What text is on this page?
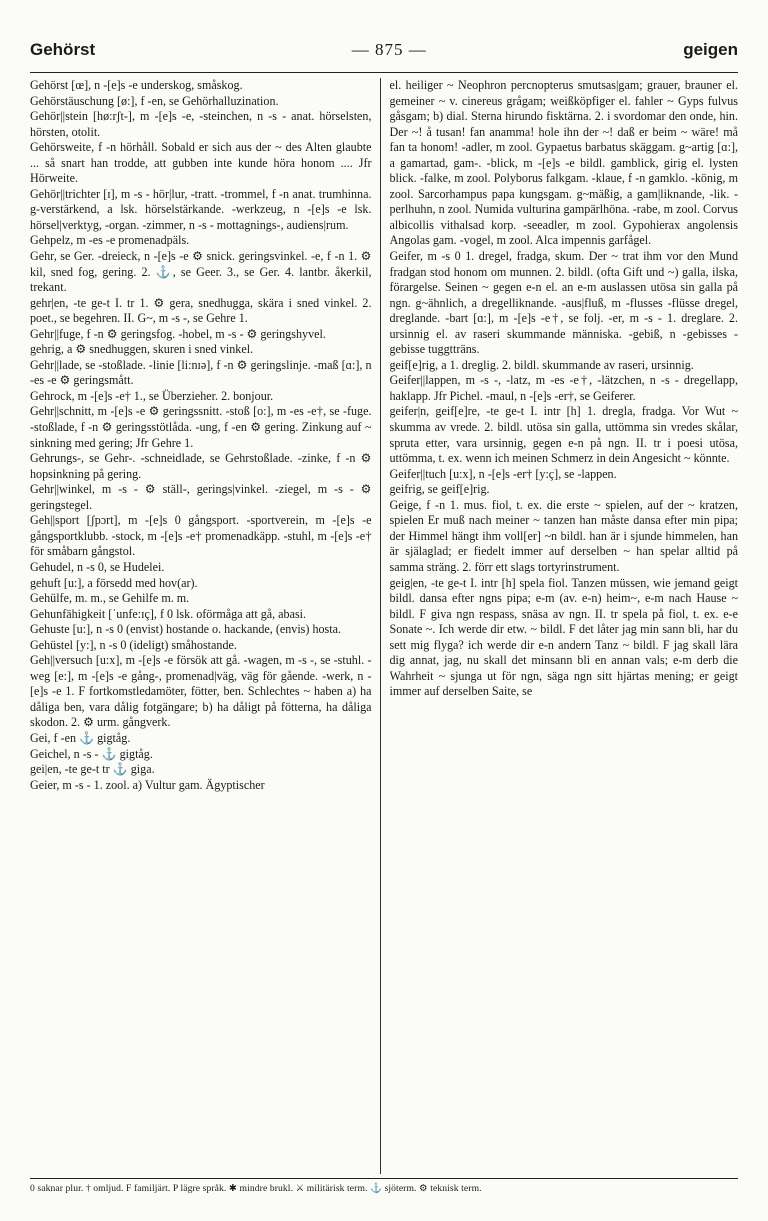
Gehörst	— 875 —	geigen

Gehörst [œ], n -[e]s -e underskog, småskog.

Gehörstäuschung [ø:], f -en, se Gehörhalluzination.

Gehör||stein [hø:rʃt-], m -[e]s -e, -steinchen, n -s - anat. hörselsten, hörsten, otolit.

Gehörsweite, f -n hörhåll. Sobald er sich aus der ~ des Alten glaubte ... så snart han trodde, att gubben inte kunde höra honom .... Jfr Hörweite.

Gehör||trichter [ɪ], m -s - hör|lur, -tratt. -trommel, f -n anat. trumhinna. g-verstärkend, a lsk. hörselstärkande. -werkzeug, n -[e]s -e lsk. hörsel|verktyg, -organ. -zimmer, n -s - mottagnings-, audiens|rum.

Gehpelz, m -es -e promenadpäls.

Gehr, se Ger. -dreieck, n -[e]s -e ⚙ snick. geringsvinkel. -e, f -n 1. ⚙ kil, sned fog, gering. 2. ⚓, se Geer. 3., se Ger. 4. lantbr. åkerkil, trekant.

gehr|en, -te ge-t I. tr 1. ⚙ gera, snedhugga, skära i sned vinkel. 2. poet., se begehren. II. G~, m -s -, se Gehre 1.

Gehr||fuge, f -n ⚙ geringsfog. -hobel, m -s - ⚙ geringshyvel.

gehrig, a ⚙ snedhuggen, skuren i sned vinkel.

Gehr||lade, se -stoßlade. -linie [li:nɪə], f -n ⚙ geringslinje. -maß [ɑ:], n -es -e ⚙ geringsmått.

Gehrock, m -[e]s -e† 1., se Überzieher. 2. bonjour.

Gehr||schnitt, m -[e]s -e ⚙ geringssnitt. -stoß [o:], m -es -e†, se -fuge. -stoßlade, f -n ⚙ geringsstötlåda. -ung, f -en ⚙ gering. Zinkung auf ~ sinkning med gering; Jfr Gehre 1.

Gehrungs-, se Gehr-. -schneidlade, se Gehrstoßlade. -zinke, f -n ⚙ hopsinkning på gering.

Gehr||winkel, m -s - ⚙ ställ-, gerings|vinkel. -ziegel, m -s - ⚙ geringstegel.

Geh||sport [ʃpɔrt], m -[e]s 0 gångsport. -sportverein, m -[e]s -e gångsportklubb. -stock, m -[e]s -e† promenadkäpp. -stuhl, m -[e]s -e† för småbarn gångstol.

Gehudel, n -s 0, se Hudelei.

gehuft [u:], a försedd med hov(ar).

Gehülfe, m. m., se Gehilfe m. m.

Gehunfähigkeit [ˈunfe:ɪç], f 0 lsk. oförmåga att gå, abasi.

Gehuste [u:], n -s 0 (envist) hostande o. hackande, (envis) hosta.

Gehüstel [y:], n -s 0 (ideligt) småhostande.

Geh||versuch [u:x], m -[e]s -e försök att gå. -wagen, m -s -, se -stuhl. -weg [e:], m -[e]s -e gång-, promenad|väg, väg för gående. -werk, n -[e]s -e 1. F fortkomstledamöter, fötter, ben. Schlechtes ~ haben a) ha dåliga ben, vara dålig fotgängare; b) ha dåligt på fötterna, ha dåliga skodon. 2. ⚙ urm. gångverk.

Gei, f -en ⚓ gigtåg.

Geichel, n -s - ⚓ gigtåg.

gei|en, -te ge-t tr ⚓ giga.

Geier, m -s - 1. zool. a) Vultur gam. Ägyptischer

el. heiliger ~ Neophron percnopterus smutsas|gam; grauer, brauner el. gemeiner ~ v. cinereus grågam; weißköpfiger el. fahler ~ Gyps fulvus gåsgam; b) dial. Sterna hirundo fisktärna. 2. i svordomar den onde, hin. Der ~! å tusan! fan anamma! hole ihn der ~! daß er beim ~ wäre! må fan ta honom! -adler, m zool. Gypaetus barbatus skäggam. g~artig [ɑ:], a gamartad, gam-. -blick, m -[e]s -e bildl. gamblick, girig el. lysten blick. -falke, m zool. Polyborus falkgam. -klaue, f -n gamklo. -könig, m zool. Sarcorhampus papa kungsgam. g~mäßig, a gam|liknande, -lik. -perlhuhn, n zool. Numida vulturina gampärlhöna. -rabe, m zool. Corvus albicollis vithalsad korp. -seeadler, m zool. Gypohierax angolensis Angolas gam. -vogel, m zool. Alca impennis garfågel.

Geifer, m -s 0 1. dregel, fradga, skum. Der ~ trat ihm vor den Mund fradgan stod honom om munnen. 2. bildl. (ofta Gift und ~) galla, ilska, förargelse. Seinen ~ gegen e-n el. an e-m auslassen utösa sin galla på ngn. g~ähnlich, a dregelliknande. -aus|fluß, m -flusses -flüsse dregel, dreglande. -bart [ɑ:], m -[e]s -e†, se folj. -er, m -s - 1. dreglare. 2. ursinnig el. av raseri skummande människa. -gebiß, n -gebisses -gebisse tuggtträns.

geif[e]rig, a 1. dreglig. 2. bildl. skummande av raseri, ursinnig.

Geifer||lappen, m -s -, -latz, m -es -e†, -lätzchen, n -s - dregellapp, haklapp. Jfr Pichel. -maul, n -[e]s -er†, se Geiferer.

geifer|n, geif[e]re, -te ge-t I. intr [h] 1. dregla, fradga. Vor Wut ~ skumma av vrede. 2. bildl. utösa sin galla, uttömma sin vredes skålar, spruta etter, vara ursinnig, gegen e-n på ngn. II. tr i poesi utösa, uttömma, t. ex. wenn ich meinen Schmerz in dein Angesicht ~ könnte.

Geifer||tuch [u:x], n -[e]s -er† [y:ç], se -lappen.

geifrig, se geif[e]rig.

Geige, f -n 1. mus. fiol, t. ex. die erste ~ spielen, auf der ~ kratzen, spielen Er muß nach meiner ~ tanzen han måste dansa efter min pipa; der Himmel hängt ihm voll[er] ~n bildl. han är i sjunde himmelen, han är själaglad; er fiedelt immer auf derselben ~ han spelar alltid på samma sträng. 2. förr ett slags tortyrinstrument.

geig|en, -te ge-t I. intr [h] spela fiol. Tanzen müssen, wie jemand geigt bildl. dansa efter ngns pipa; e-m (av. e-n) heim~, e-m nach Hause ~ bildl. F giva ngn respass, snäsa av ngn. II. tr spela på fiol, t. ex. e-e Sonate ~. Ich werde dir etw. ~ bildl. F det låter jag min sann bli, har du sett mig flyga? ich werde dir e-n andern Tanz ~ bildl. F jag skall lära dig annat, jag, nu skall det minsann bli en annan vals; e-m derb die Wahrheit ~ sjunga ut för ngn, säga ngn sitt hjärtas mening; er geigt immer auf derselben Saite, se

0 saknar plur. † omljud. F familjärt. P lägre språk. ✱ mindre brukl. ⚔ militärisk term. ⚓ sjöterm. ⚙ teknisk term.
